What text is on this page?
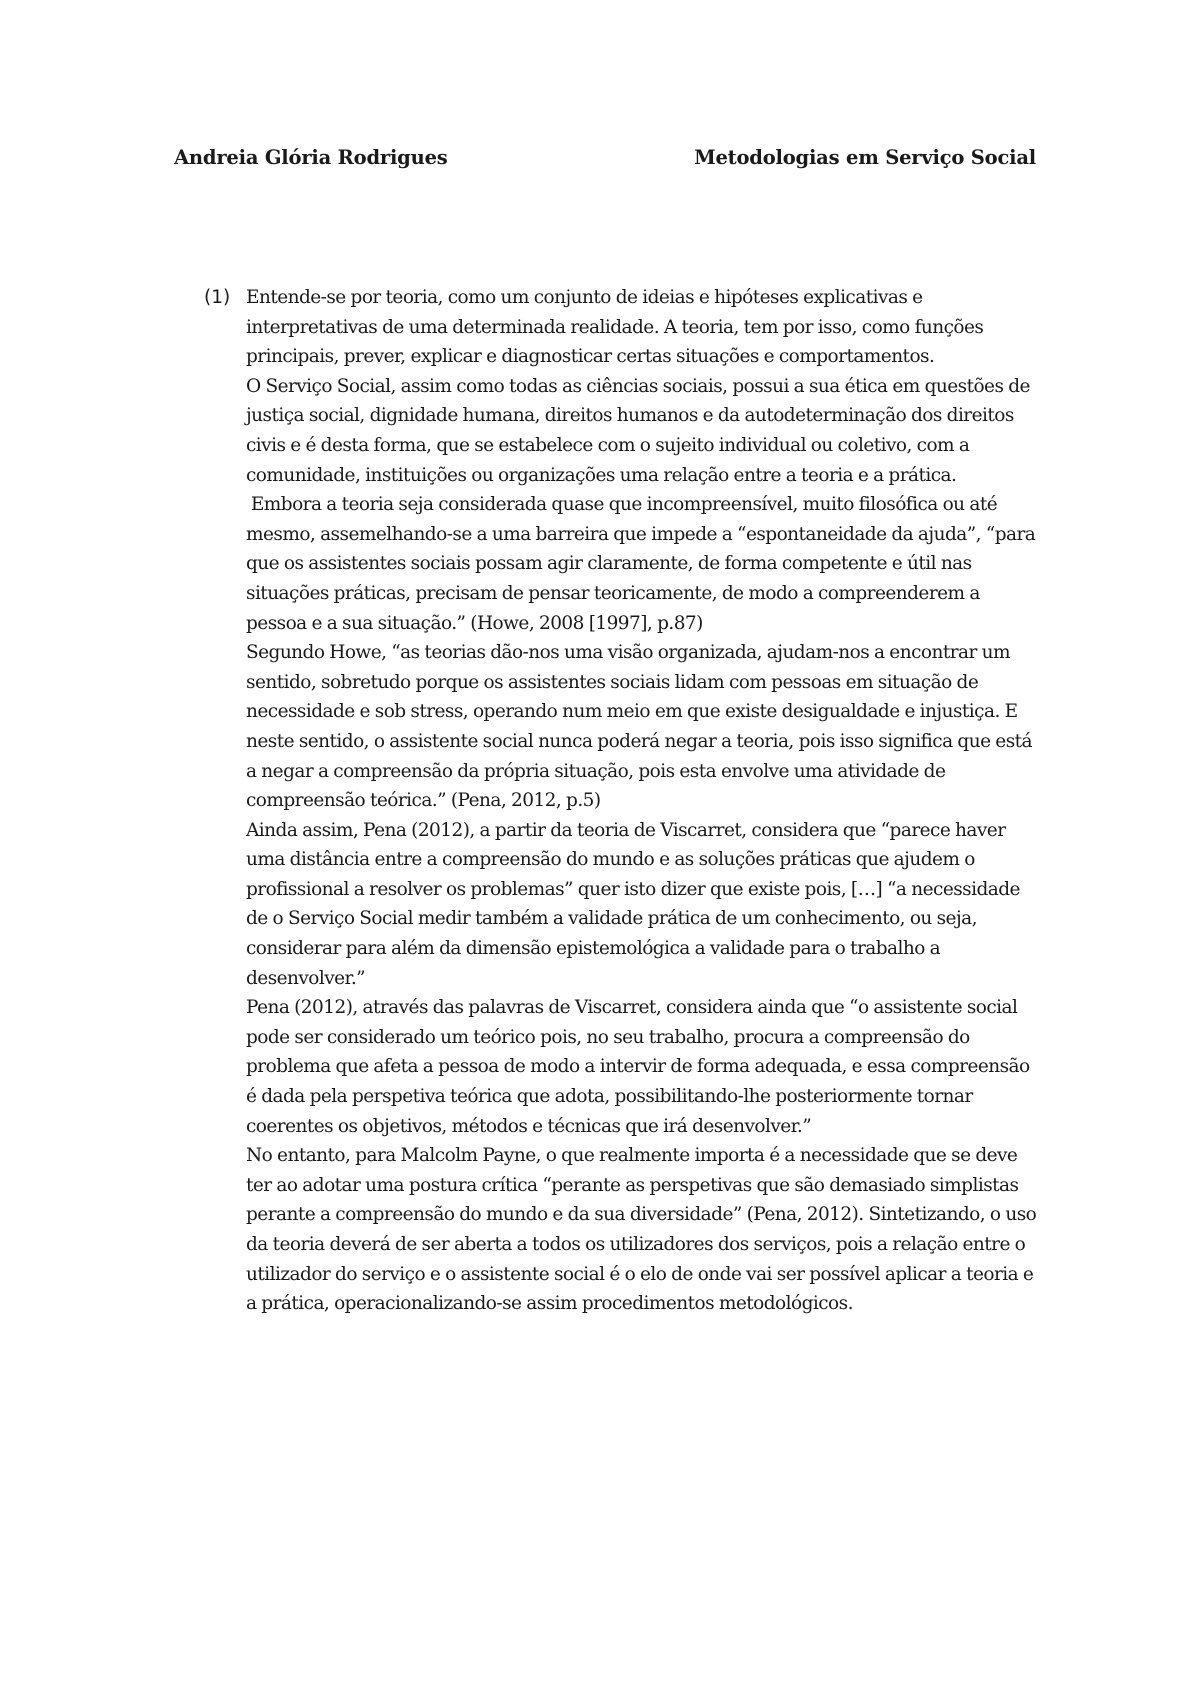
Andreia Glória Rodrigues	Metodologias em Serviço Social
(1) Entende-se por teoria, como um conjunto de ideias e hipóteses explicativas e interpretativas de uma determinada realidade. A teoria, tem por isso, como funções principais, prever, explicar e diagnosticar certas situações e comportamentos.

O Serviço Social, assim como todas as ciências sociais, possui a sua ética em questões de justiça social, dignidade humana, direitos humanos e da autodeterminação dos direitos civis e é desta forma, que se estabelece com o sujeito individual ou coletivo, com a comunidade, instituições ou organizações uma relação entre a teoria e a prática.

Embora a teoria seja considerada quase que incompreensível, muito filosófica ou até mesmo, assemelhando-se a uma barreira que impede a “espontaneidade da ajuda”, “para que os assistentes sociais possam agir claramente, de forma competente e útil nas situações práticas, precisam de pensar teoricamente, de modo a compreenderem a pessoa e a sua situação.” (Howe, 2008 [1997], p.87)

Segundo Howe, “as teorias dão-nos uma visão organizada, ajudam-nos a encontrar um sentido, sobretudo porque os assistentes sociais lidam com pessoas em situação de necessidade e sob stress, operando num meio em que existe desigualdade e injustiça. E neste sentido, o assistente social nunca poderá negar a teoria, pois isso significa que está a negar a compreensão da própria situação, pois esta envolve uma atividade de compreensão teórica.” (Pena, 2012, p.5)

Ainda assim, Pena (2012), a partir da teoria de Viscarret, considera que “parece haver uma distância entre a compreensão do mundo e as soluções práticas que ajudem o profissional a resolver os problemas” quer isto dizer que existe pois, […] “a necessidade de o Serviço Social medir também a validade prática de um conhecimento, ou seja, considerar para além da dimensão epistemológica a validade para o trabalho a desenvolver.”

Pena (2012), através das palavras de Viscarret, considera ainda que “o assistente social pode ser considerado um teórico pois, no seu trabalho, procura a compreensão do problema que afeta a pessoa de modo a intervir de forma adequada, e essa compreensão é dada pela perspetiva teórica que adota, possibilitando-lhe posteriormente tornar coerentes os objetivos, métodos e técnicas que irá desenvolver.”

No entanto, para Malcolm Payne, o que realmente importa é a necessidade que se deve ter ao adotar uma postura crítica “perante as perspetivas que são demasiado simplistas perante a compreensão do mundo e da sua diversidade” (Pena, 2012). Sintetizando, o uso da teoria deverá de ser aberta a todos os utilizadores dos serviços, pois a relação entre o utilizador do serviço e o assistente social é o elo de onde vai ser possível aplicar a teoria e a prática, operacionalizando-se assim procedimentos metodológicos.
